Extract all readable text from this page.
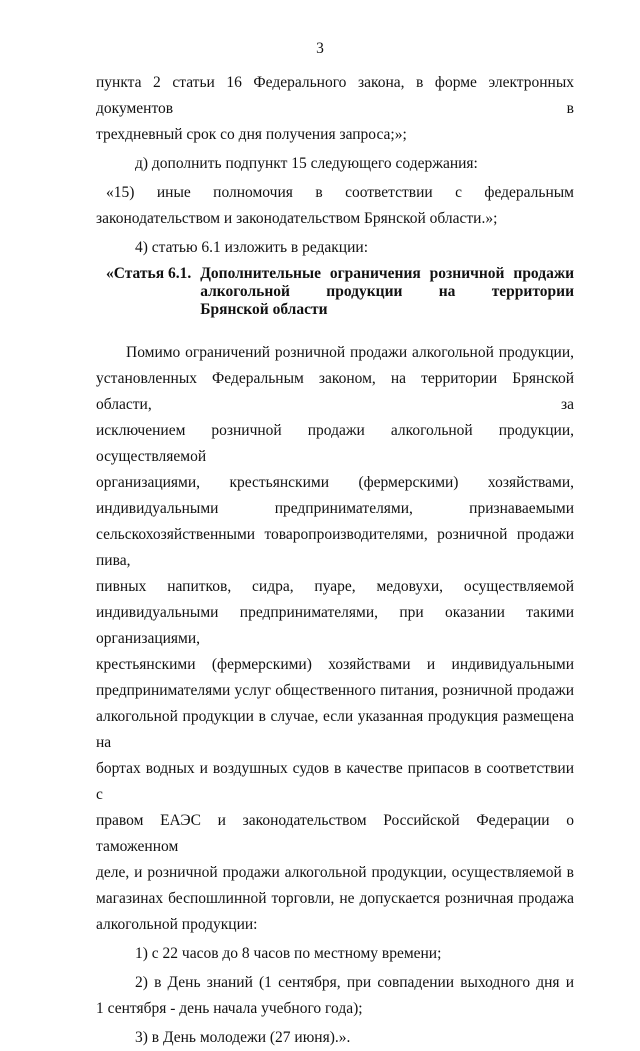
3
пункта 2 статьи 16 Федерального закона, в форме электронных документов в
трехдневный срок со дня получения запроса;»;
д) дополнить подпункт 15 следующего содержания:
«15) иные полномочия в соответствии с федеральным
законодательством и законодательством Брянской области.»;
4) статью 6.1 изложить в редакции:
«Статья 6.1. Дополнительные ограничения розничной продажи
алкогольной продукции на территории
Брянской области
Помимо ограничений розничной продажи алкогольной продукции,
установленных Федеральным законом, на территории Брянской области, за
исключением розничной продажи алкогольной продукции, осуществляемой
организациями, крестьянскими (фермерскими) хозяйствами,
индивидуальными предпринимателями, признаваемыми
сельскохозяйственными товаропроизводителями, розничной продажи пива,
пивных напитков, сидра, пуаре, медовухи, осуществляемой
индивидуальными предпринимателями, при оказании такими организациями,
крестьянскими (фермерскими) хозяйствами и индивидуальными
предпринимателями услуг общественного питания, розничной продажи
алкогольной продукции в случае, если указанная продукция размещена на
бортах водных и воздушных судов в качестве припасов в соответствии с
правом ЕАЭС и законодательством Российской Федерации о таможенном
деле, и розничной продажи алкогольной продукции, осуществляемой в
магазинах беспошлинной торговли, не допускается розничная продажа
алкогольной продукции:
1) с 22 часов до 8 часов по местному времени;
2) в День знаний (1 сентября, при совпадении выходного дня и
1 сентября - день начала учебного года);
3) в День молодежи (27 июня).».
